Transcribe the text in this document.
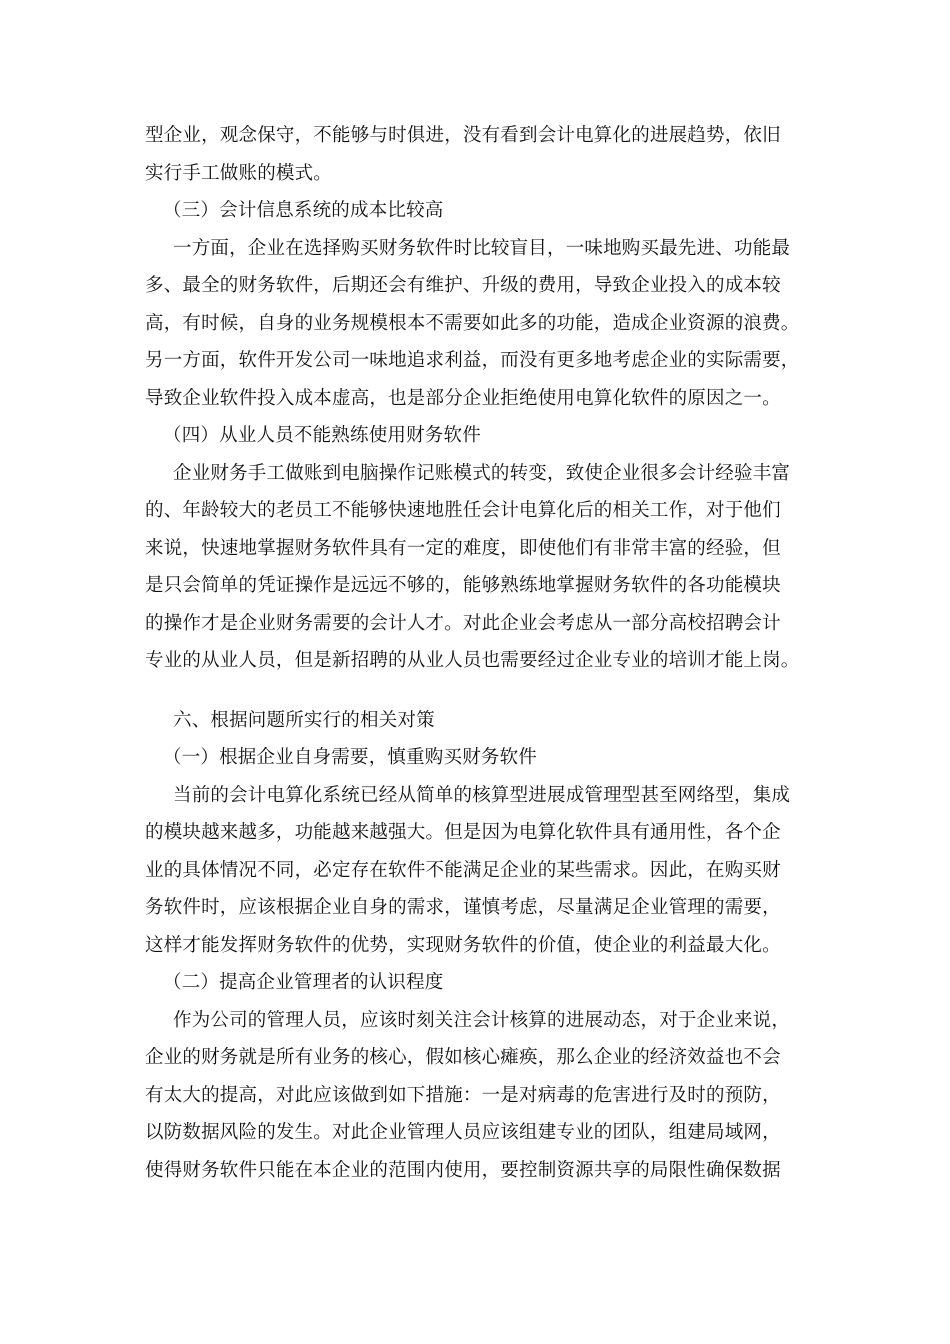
型企业，观念保守，不能够与时俱进，没有看到会计电算化的进展趋势，依旧
实行手工做账的模式。
（三）会计信息系统的成本比较高
一方面，企业在选择购买财务软件时比较盲目，一味地购买最先进、功能最
多、最全的财务软件，后期还会有维护、升级的费用，导致企业投入的成本较
高，有时候，自身的业务规模根本不需要如此多的功能，造成企业资源的浪费。
另一方面，软件开发公司一味地追求利益，而没有更多地考虑企业的实际需要，
导致企业软件投入成本虚高，也是部分企业拒绝使用电算化软件的原因之一。
（四）从业人员不能熟练使用财务软件
企业财务手工做账到电脑操作记账模式的转变，致使企业很多会计经验丰富
的、年龄较大的老员工不能够快速地胜任会计电算化后的相关工作，对于他们
来说，快速地掌握财务软件具有一定的难度，即使他们有非常丰富的经验，但
是只会简单的凭证操作是远远不够的，能够熟练地掌握财务软件的各功能模块
的操作才是企业财务需要的会计人才。对此企业会考虑从一部分高校招聘会计
专业的从业人员，但是新招聘的从业人员也需要经过企业专业的培训才能上岗。
六、根据问题所实行的相关对策
（一）根据企业自身需要，慎重购买财务软件
当前的会计电算化系统已经从简单的核算型进展成管理型甚至网络型，集成
的模块越来越多，功能越来越强大。但是因为电算化软件具有通用性，各个企
业的具体情况不同，必定存在软件不能满足企业的某些需求。因此，在购买财
务软件时，应该根据企业自身的需求，谨慎考虑，尽量满足企业管理的需要，
这样才能发挥财务软件的优势，实现财务软件的价值，使企业的利益最大化。
（二）提高企业管理者的认识程度
作为公司的管理人员，应该时刻关注会计核算的进展动态，对于企业来说，
企业的财务就是所有业务的核心，假如核心瘫痪，那么企业的经济效益也不会
有太大的提高，对此应该做到如下措施：一是对病毒的危害进行及时的预防，
以防数据风险的发生。对此企业管理人员应该组建专业的团队，组建局域网，
使得财务软件只能在本企业的范围内使用，要控制资源共享的局限性确保数据
